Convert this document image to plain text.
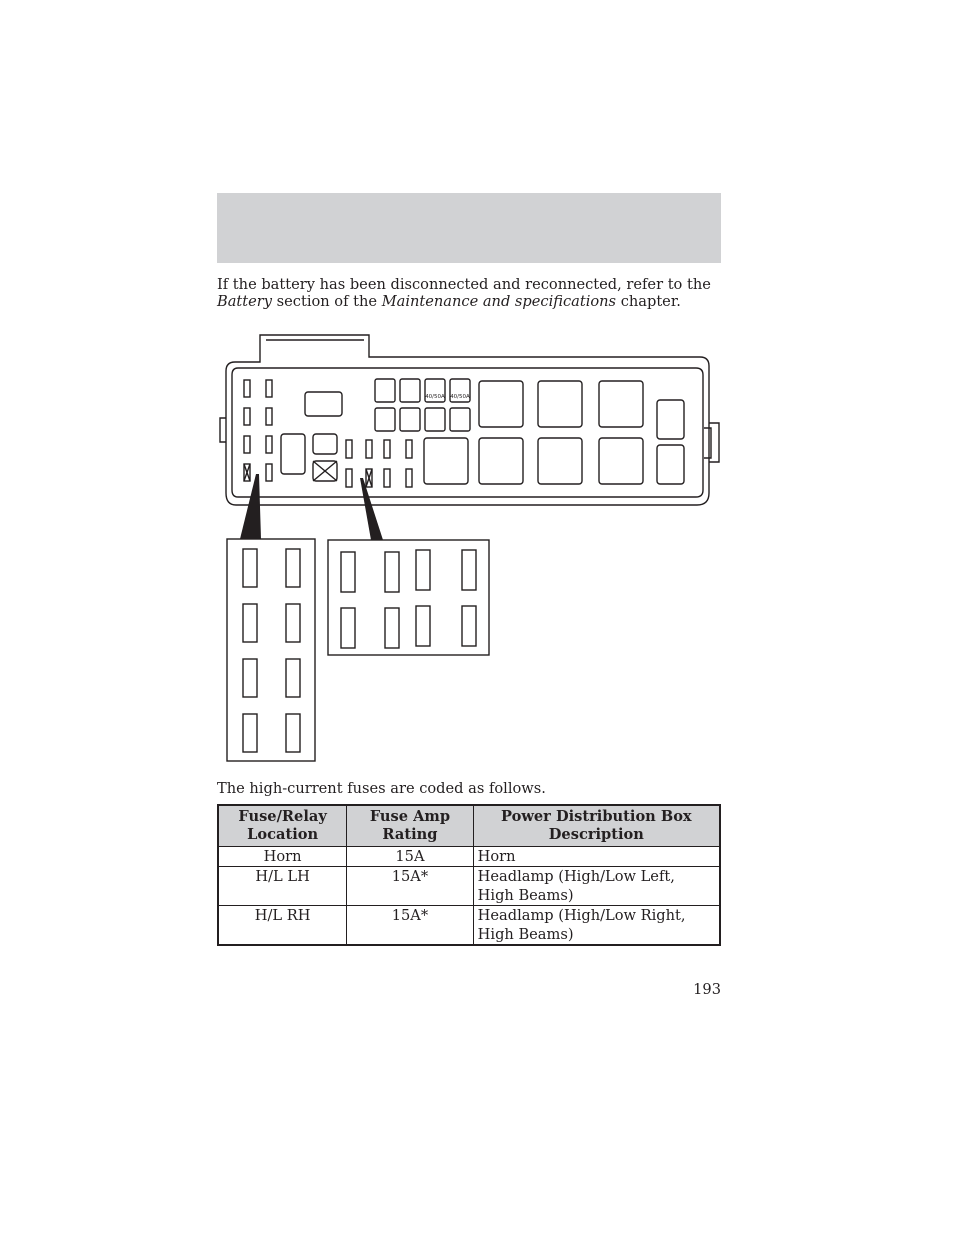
If the battery has been disconnected and reconnected, refer to the Battery section of the Maintenance and specifications chapter.

40/50A 40/50A

The high-current fuses are coded as follows.

Fuse/Relay Location	Fuse Amp Rating	Power Distribution Box Description
Horn	15A	Horn
H/L LH	15A*	Headlamp (High/Low Left, High Beams)
H/L RH	15A*	Headlamp (High/Low Right, High Beams)

193
